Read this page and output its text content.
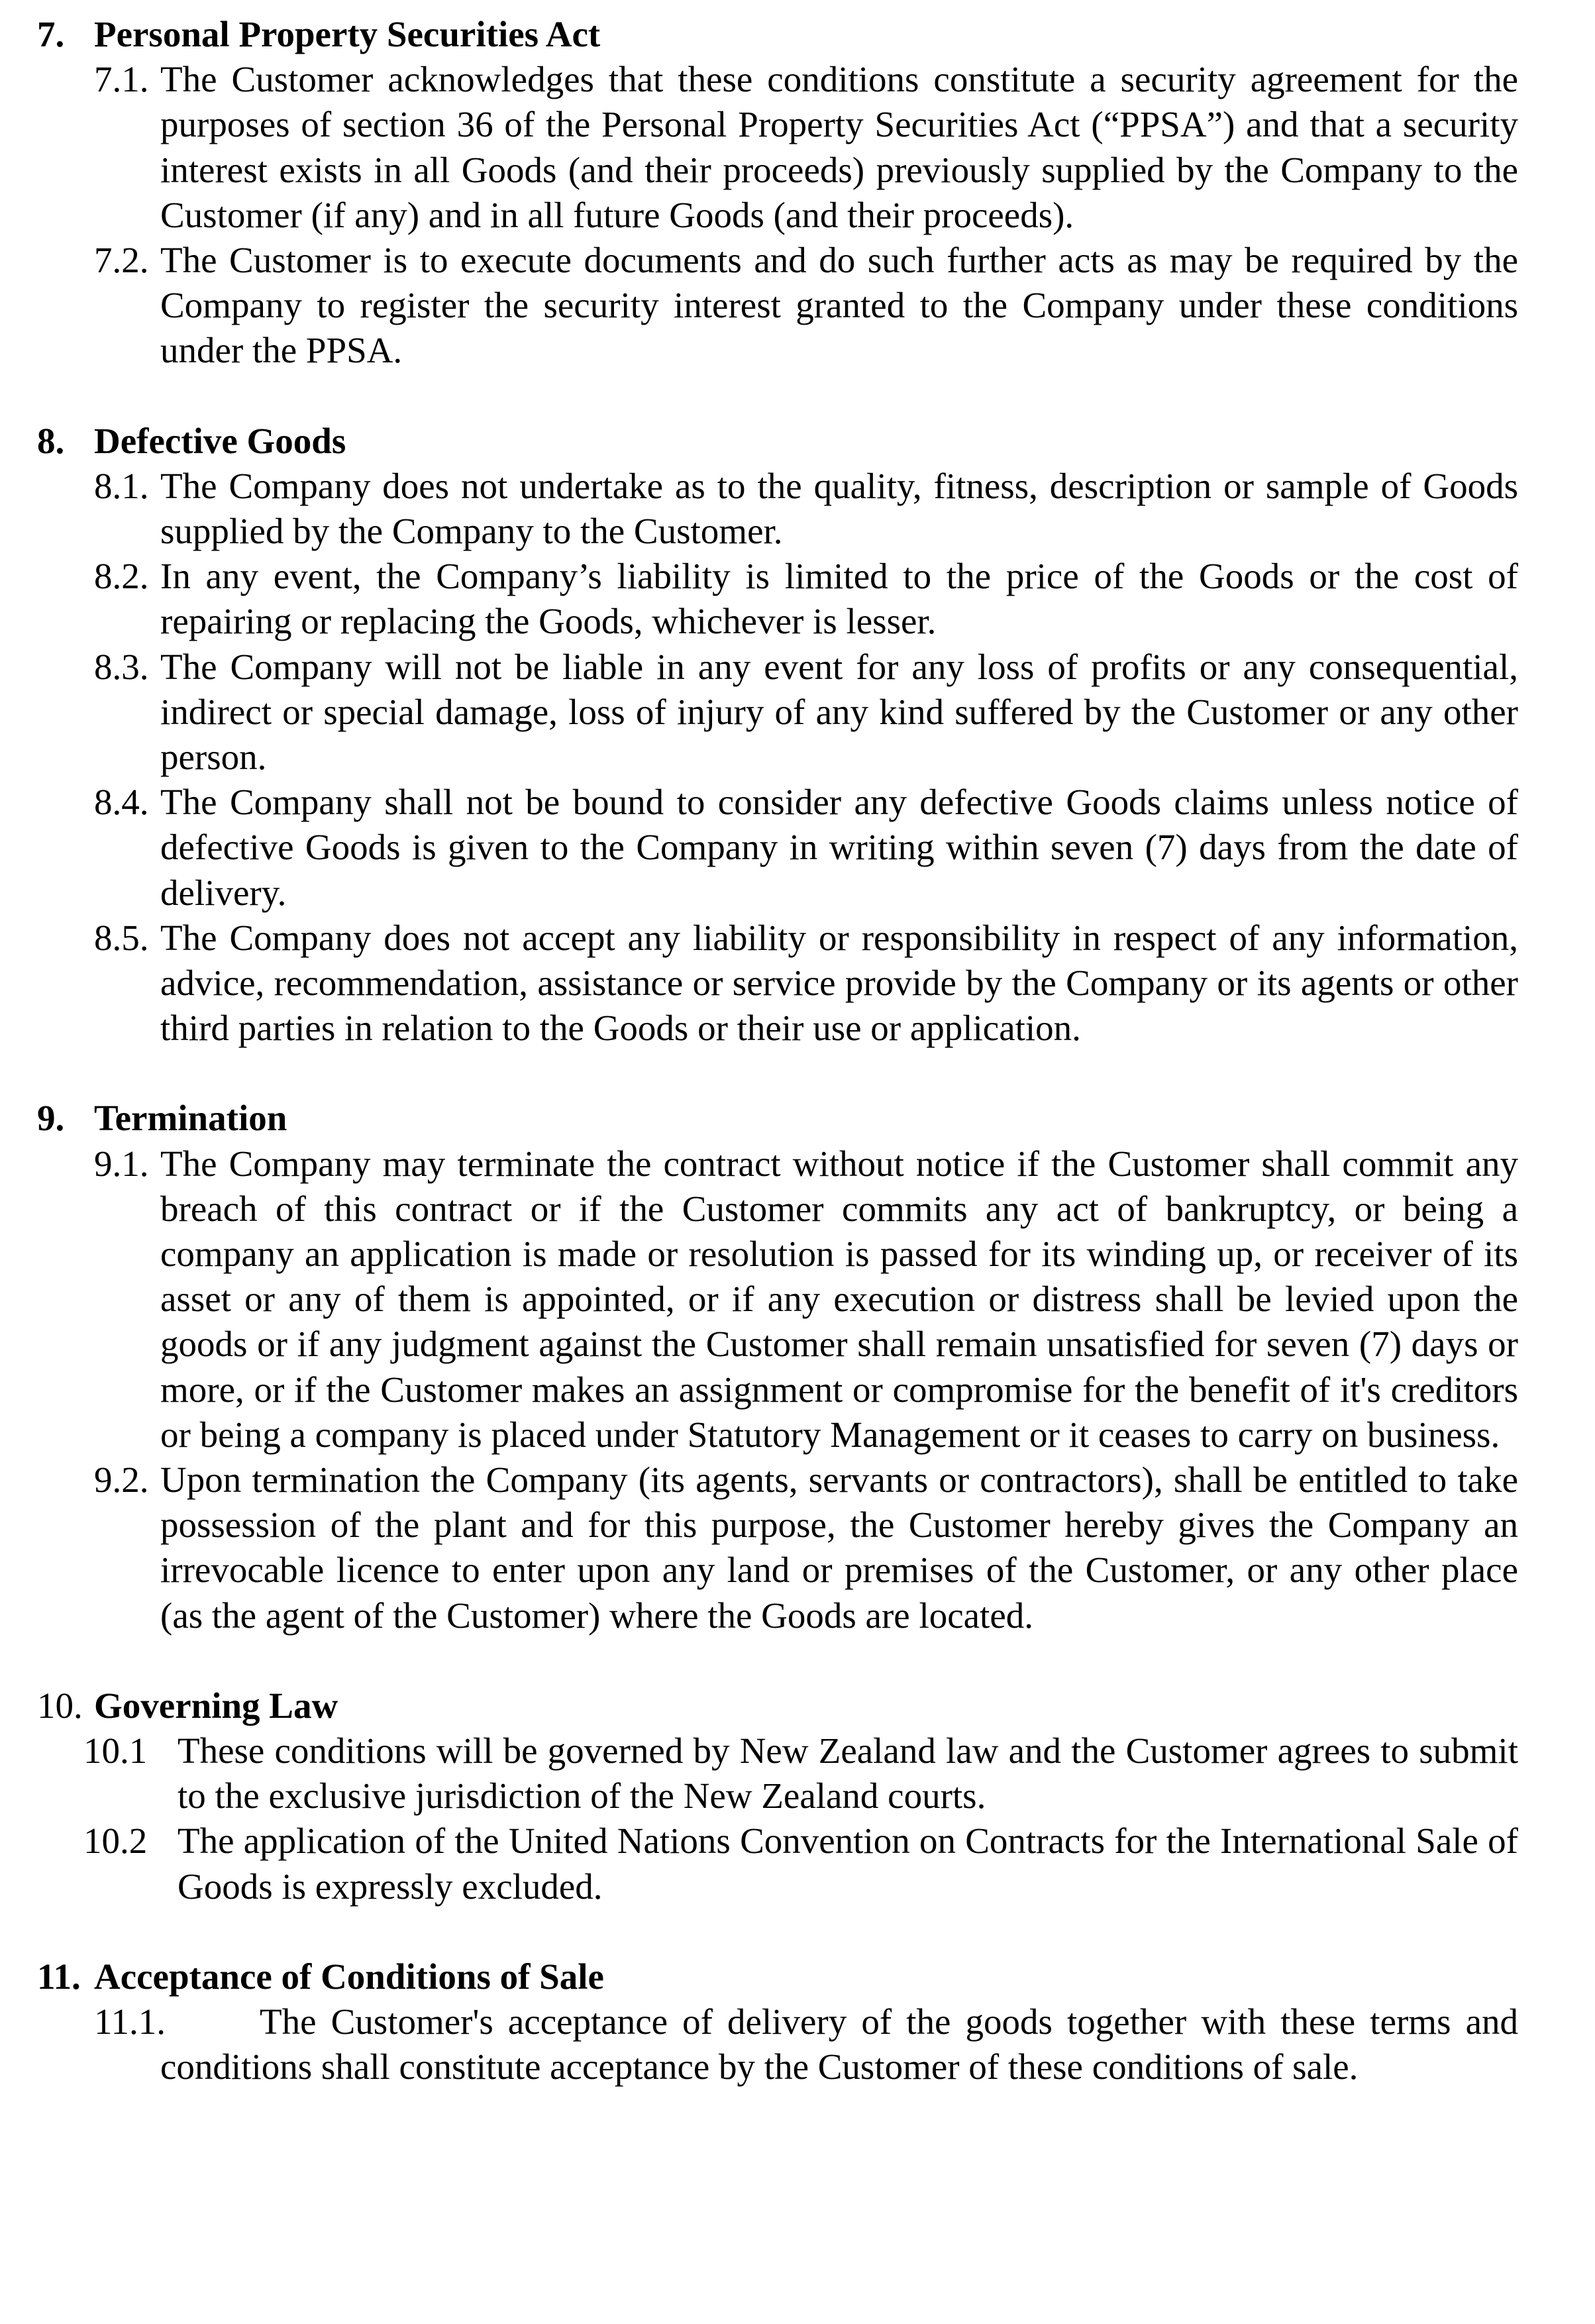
7. Personal Property Securities Act
7.1. The Customer acknowledges that these conditions constitute a security agreement for the purposes of section 36 of the Personal Property Securities Act (“PPSA”) and that a security interest exists in all Goods (and their proceeds) previously supplied by the Company to the Customer (if any) and in all future Goods (and their proceeds).
7.2. The Customer is to execute documents and do such further acts as may be required by the Company to register the security interest granted to the Company under these conditions under the PPSA.
8. Defective Goods
8.1. The Company does not undertake as to the quality, fitness, description or sample of Goods supplied by the Company to the Customer.
8.2. In any event, the Company’s liability is limited to the price of the Goods or the cost of repairing or replacing the Goods, whichever is lesser.
8.3. The Company will not be liable in any event for any loss of profits or any consequential, indirect or special damage, loss of injury of any kind suffered by the Customer or any other person.
8.4. The Company shall not be bound to consider any defective Goods claims unless notice of defective Goods is given to the Company in writing within seven (7) days from the date of delivery.
8.5. The Company does not accept any liability or responsibility in respect of any information, advice, recommendation, assistance or service provide by the Company or its agents or other third parties in relation to the Goods or their use or application.
9. Termination
9.1. The Company may terminate the contract without notice if the Customer shall commit any breach of this contract or if the Customer commits any act of bankruptcy, or being a company an application is made or resolution is passed for its winding up, or receiver of its asset or any of them is appointed, or if any execution or distress shall be levied upon the goods or if any judgment against the Customer shall remain unsatisfied for seven (7) days or more, or if the Customer makes an assignment or compromise for the benefit of it's creditors or being a company is placed under Statutory Management or it ceases to carry on business.
9.2. Upon termination the Company (its agents, servants or contractors), shall be entitled to take possession of the plant and for this purpose, the Customer hereby gives the Company an irrevocable licence to enter upon any land or premises of the Customer, or any other place (as the agent of the Customer) where the Goods are located.
10. Governing Law
10.1 These conditions will be governed by New Zealand law and the Customer agrees to submit to the exclusive jurisdiction of the New Zealand courts.
10.2 The application of the United Nations Convention on Contracts for the International Sale of Goods is expressly excluded.
11. Acceptance of Conditions of Sale
11.1.	The Customer's acceptance of delivery of the goods together with these terms and conditions shall constitute acceptance by the Customer of these conditions of sale.
